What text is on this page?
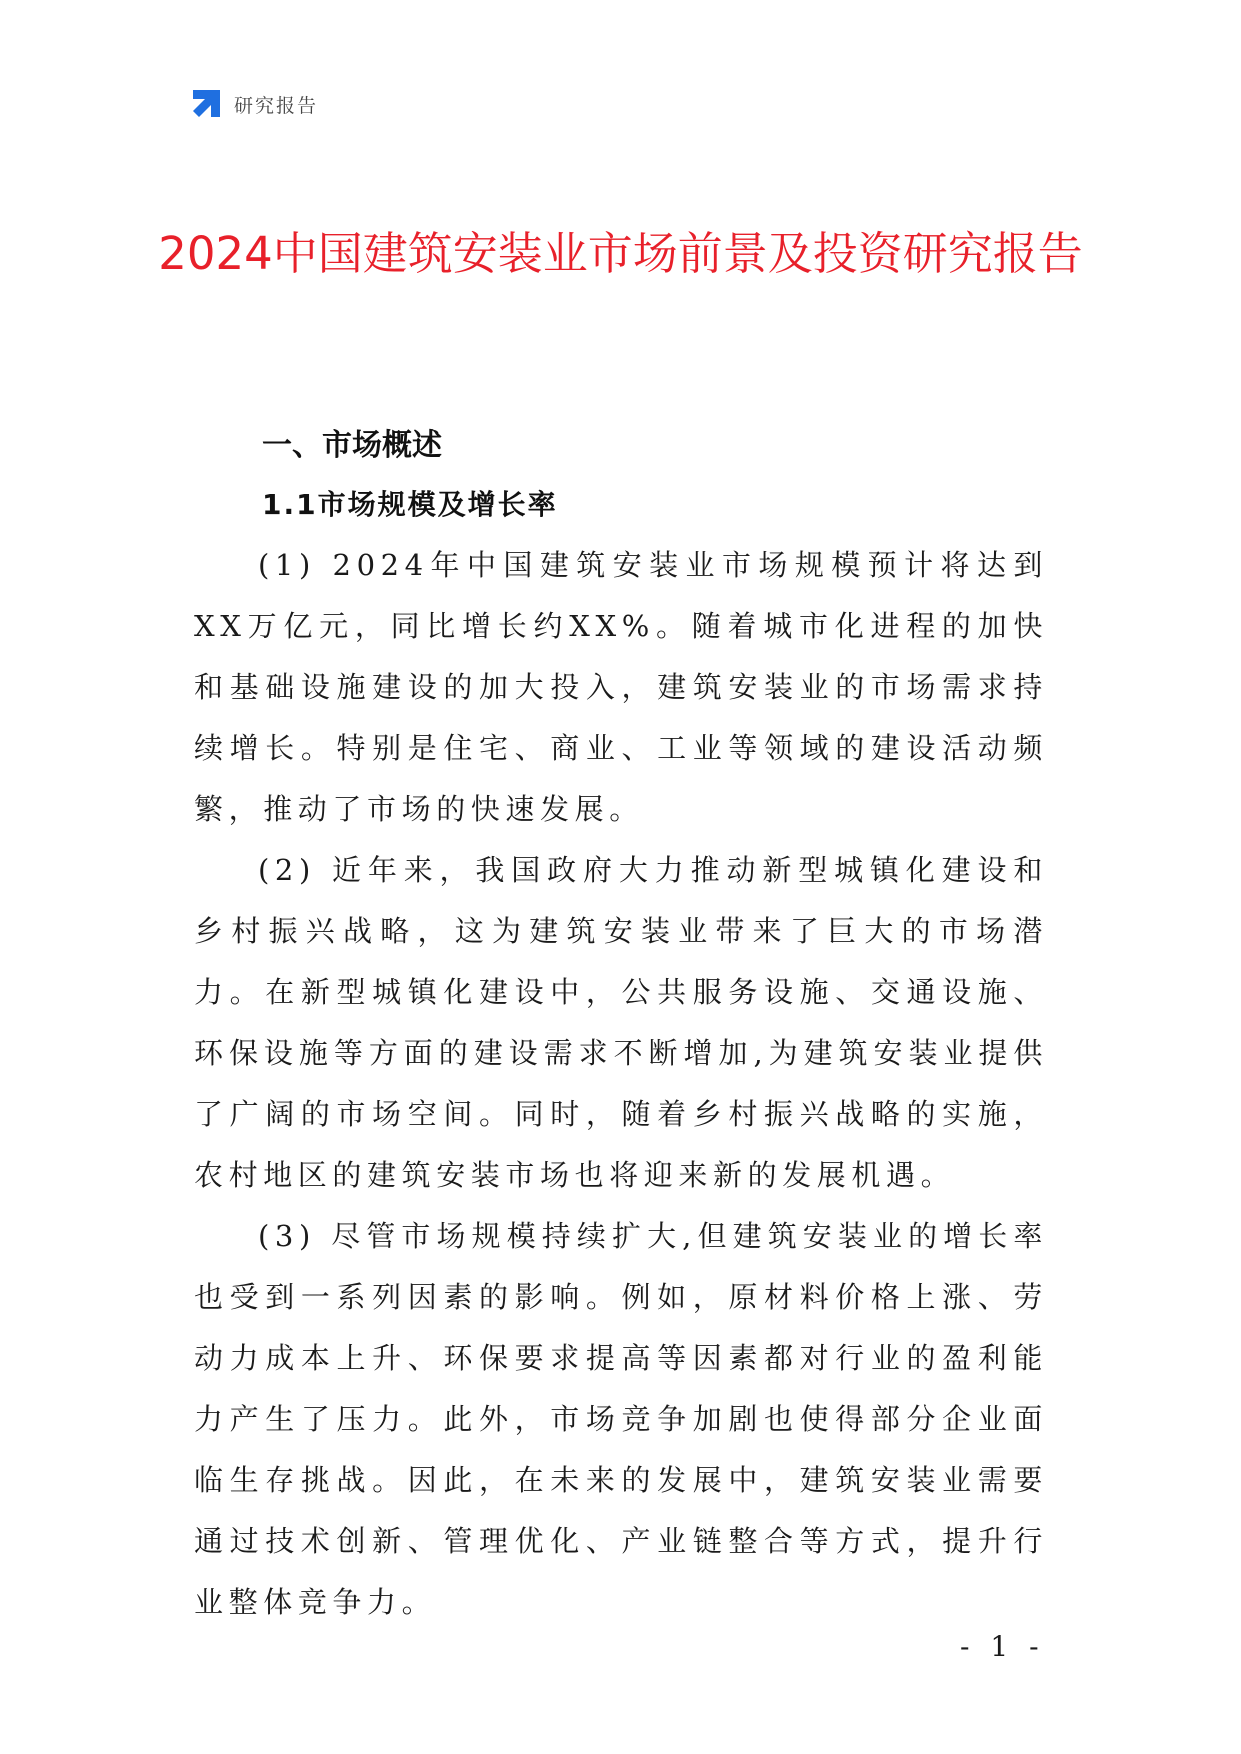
研究报告
2024中国建筑安装业市场前景及投资研究报告
一、市场概述
1.1市场规模及增长率

(1) 2024年中国建筑安装业市场规模预计将达到XX万亿元，同比增长约XX%。随着城市化进程的加快和基础设施建设的加大投入，建筑安装业的市场需求持续增长。特别是住宅、商业、工业等领域的建设活动频繁，推动了市场的快速发展。

(2) 近年来，我国政府大力推动新型城镇化建设和乡村振兴战略，这为建筑安装业带来了巨大的市场潜力。在新型城镇化建设中，公共服务设施、交通设施、环保设施等方面的建设需求不断增加,为建筑安装业提供了广阔的市场空间。同时，随着乡村振兴战略的实施，农村地区的建筑安装市场也将迎来新的发展机遇。

(3) 尽管市场规模持续扩大,但建筑安装业的增长率也受到一系列因素的影响。例如，原材料价格上涨、劳动力成本上升、环保要求提高等因素都对行业的盈利能力产生了压力。此外，市场竞争加剧也使得部分企业面临生存挑战。因此，在未来的发展中，建筑安装业需要通过技术创新、管理优化、产业链整合等方式，提升行业整体竞争力。

- 1 -
